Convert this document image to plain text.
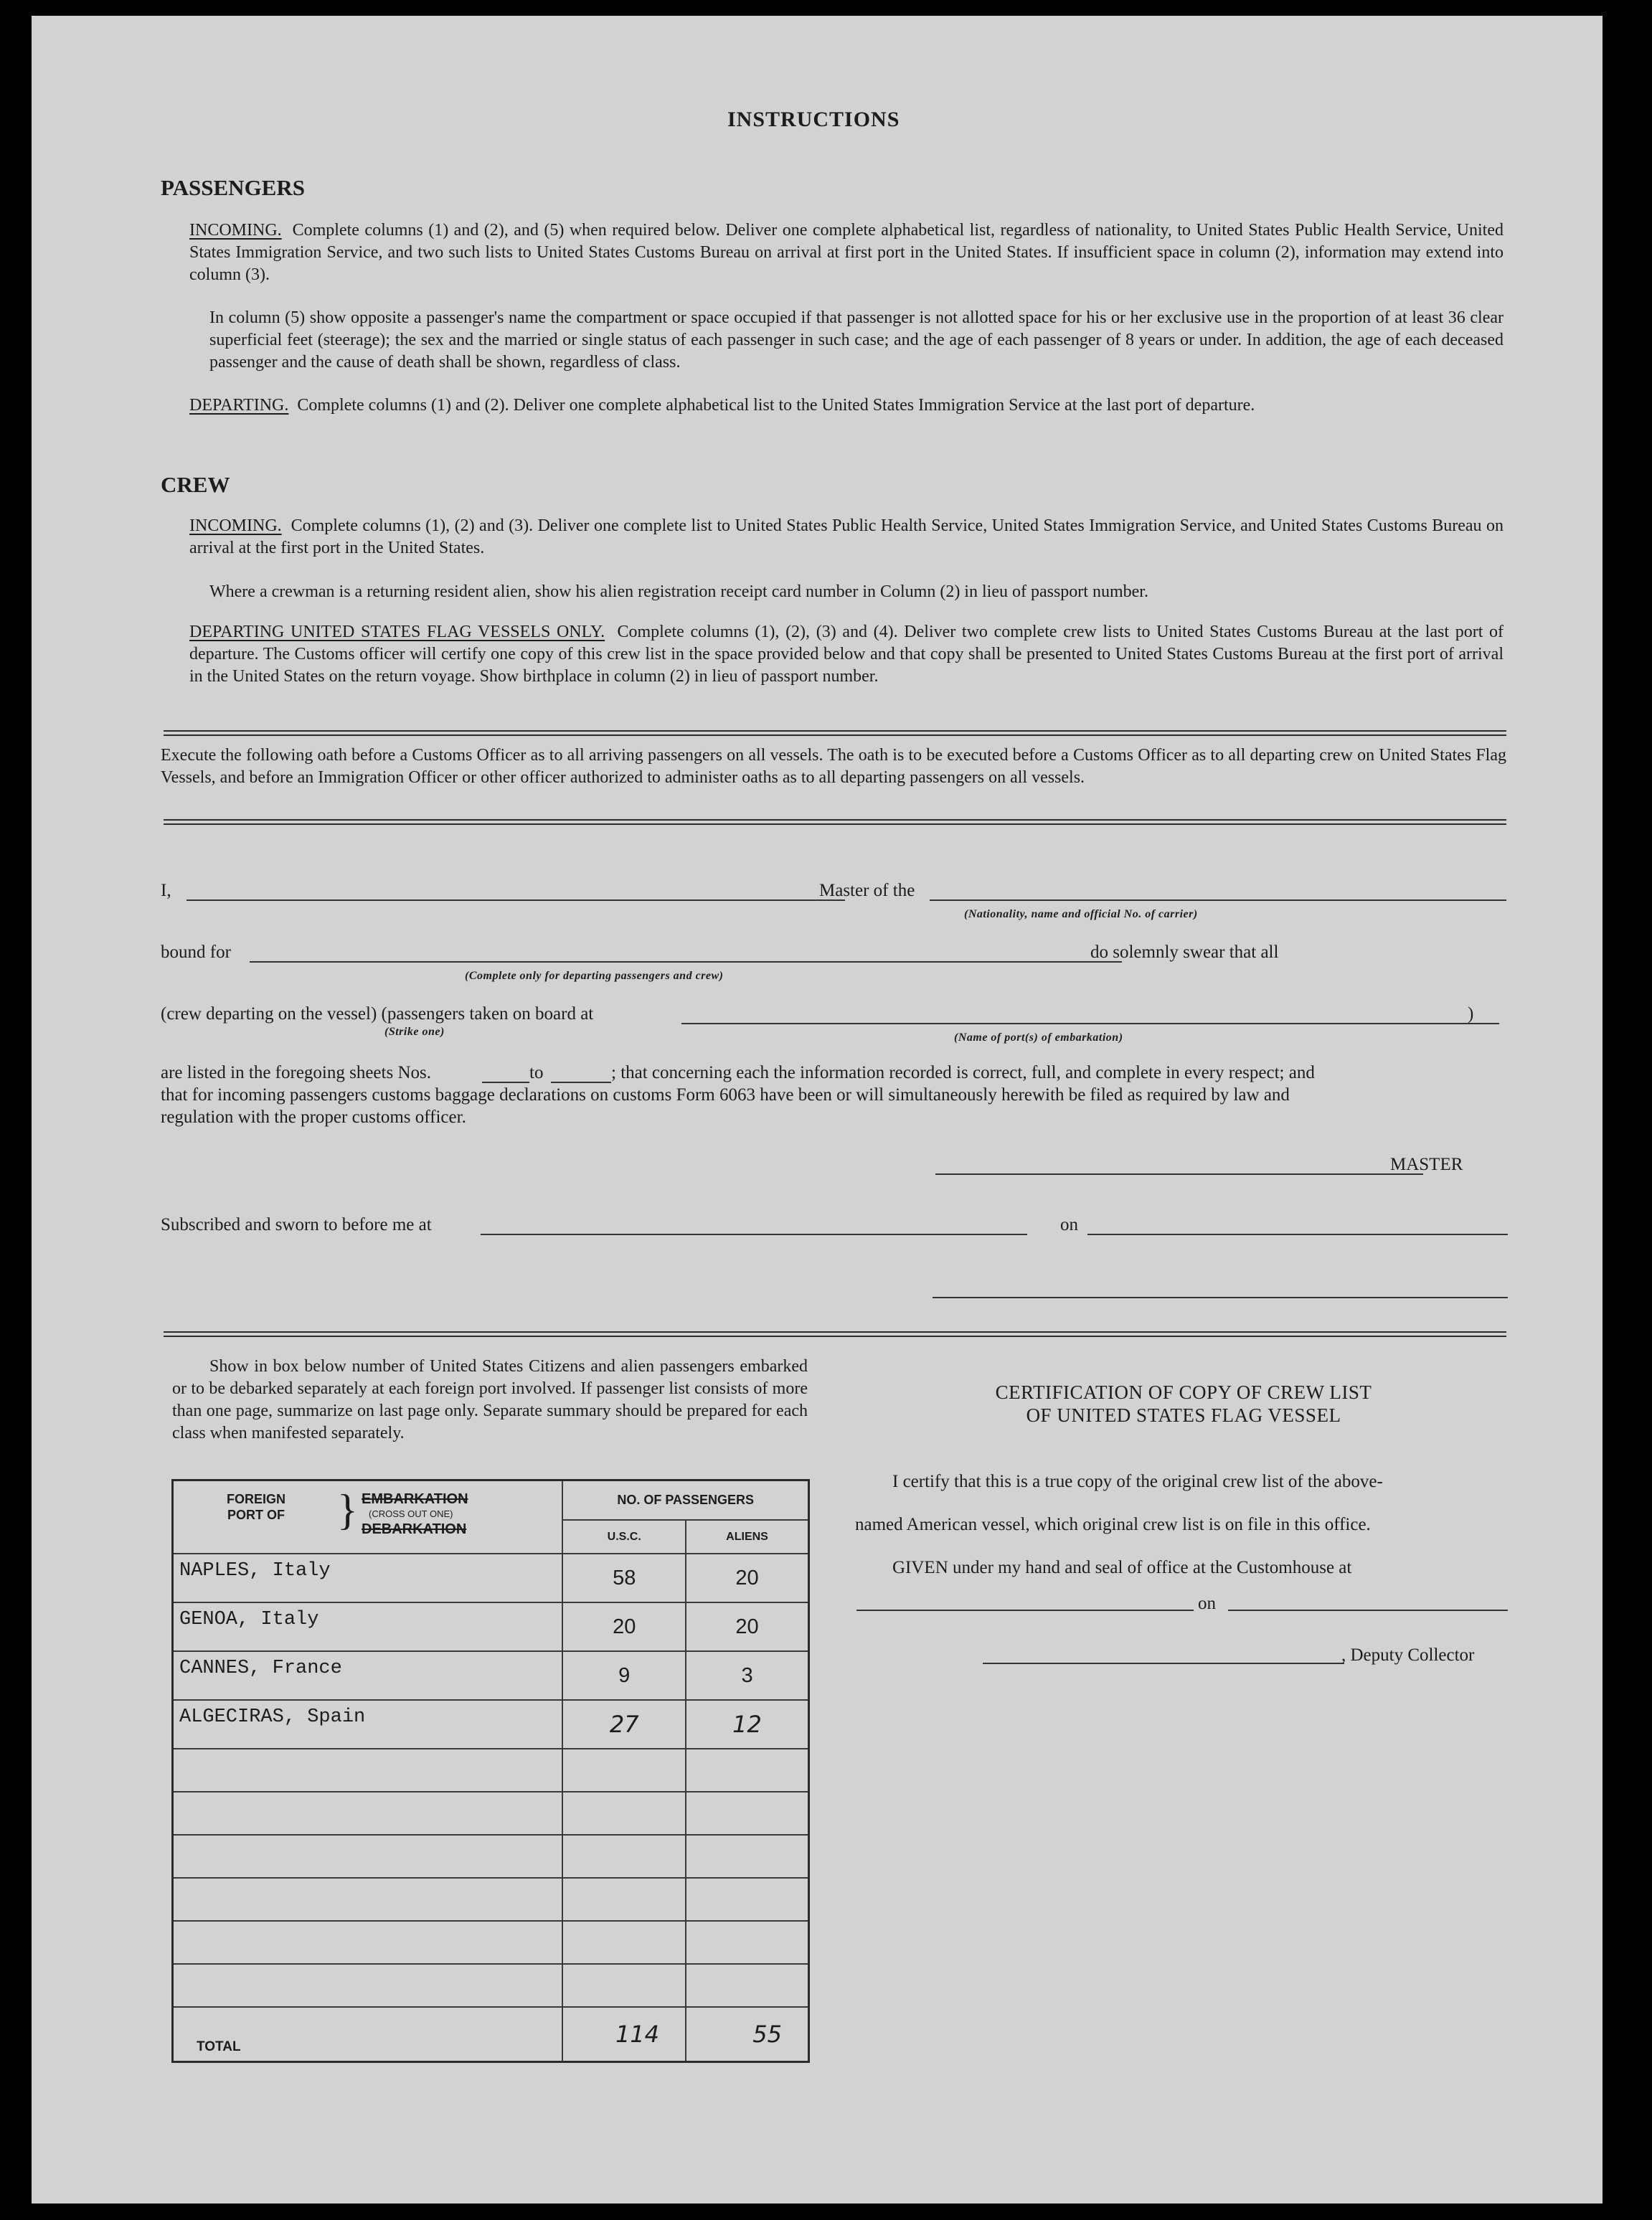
INSTRUCTIONS
PASSENGERS
INCOMING. Complete columns (1) and (2), and (5) when required below. Deliver one complete alphabetical list, regardless of nationality, to United States Public Health Service, United States Immigration Service, and two such lists to United States Customs Bureau on arrival at first port in the United States. If insufficient space in column (2), information may extend into column (3).
In column (5) show opposite a passenger's name the compartment or space occupied if that passenger is not allotted space for his or her exclusive use in the proportion of at least 36 clear superficial feet (steerage); the sex and the married or single status of each passenger in such case; and the age of each passenger of 8 years or under. In addition, the age of each deceased passenger and the cause of death shall be shown, regardless of class.
DEPARTING. Complete columns (1) and (2). Deliver one complete alphabetical list to the United States Immigration Service at the last port of departure.
CREW
INCOMING. Complete columns (1), (2) and (3). Deliver one complete list to United States Public Health Service, United States Immigration Service, and United States Customs Bureau on arrival at the first port in the United States.
Where a crewman is a returning resident alien, show his alien registration receipt card number in Column (2) in lieu of passport number.
DEPARTING UNITED STATES FLAG VESSELS ONLY. Complete columns (1), (2), (3) and (4). Deliver two complete crew lists to United States Customs Bureau at the last port of departure. The Customs officer will certify one copy of this crew list in the space provided below and that copy shall be presented to United States Customs Bureau at the first port of arrival in the United States on the return voyage. Show birthplace in column (2) in lieu of passport number.
Execute the following oath before a Customs Officer as to all arriving passengers on all vessels. The oath is to be executed before a Customs Officer as to all departing crew on United States Flag Vessels, and before an Immigration Officer or other officer authorized to administer oaths as to all departing passengers on all vessels.
I,	Master of the
(Nationality, name and official No. of carrier)
bound for
(Complete only for departing passengers and crew)
do solemnly swear that all
(crew departing on the vessel) (passengers taken on board at
(Strike one)
)
(Name of port(s) of embarkation)
are listed in the foregoing sheets Nos.	to	; that concerning each the information recorded is correct, full, and complete in every respect; and
that for incoming passengers customs baggage declarations on customs Form 6063 have been or will simultaneously herewith be filed as required by law and
regulation with the proper customs officer.
MASTER
Subscribed and sworn to before me at	on
Show in box below number of United States Citizens and alien passengers embarked or to be debarked separately at each foreign port involved. If passenger list consists of more than one page, summarize on last page only. Separate summary should be prepared for each class when manifested separately.
FOREIGN PORT OF } EMBARKATION
(CROSS OUT ONE)
DEBARKATION	NO. OF PASSENGERS	
	U.S.C.	ALIENS
NAPLES, Italy	58	20
GENOA, Italy	20	20
CANNES, France	9	3
ALGECIRAS, Spain	27	12

TOTAL	114	55
CERTIFICATION OF COPY OF CREW LIST
OF UNITED STATES FLAG VESSEL
I certify that this is a true copy of the original crew list of the above-
named American vessel, which original crew list is on file in this office.
GIVEN under my hand and seal of office at the Customhouse at
on
, Deputy Collector
